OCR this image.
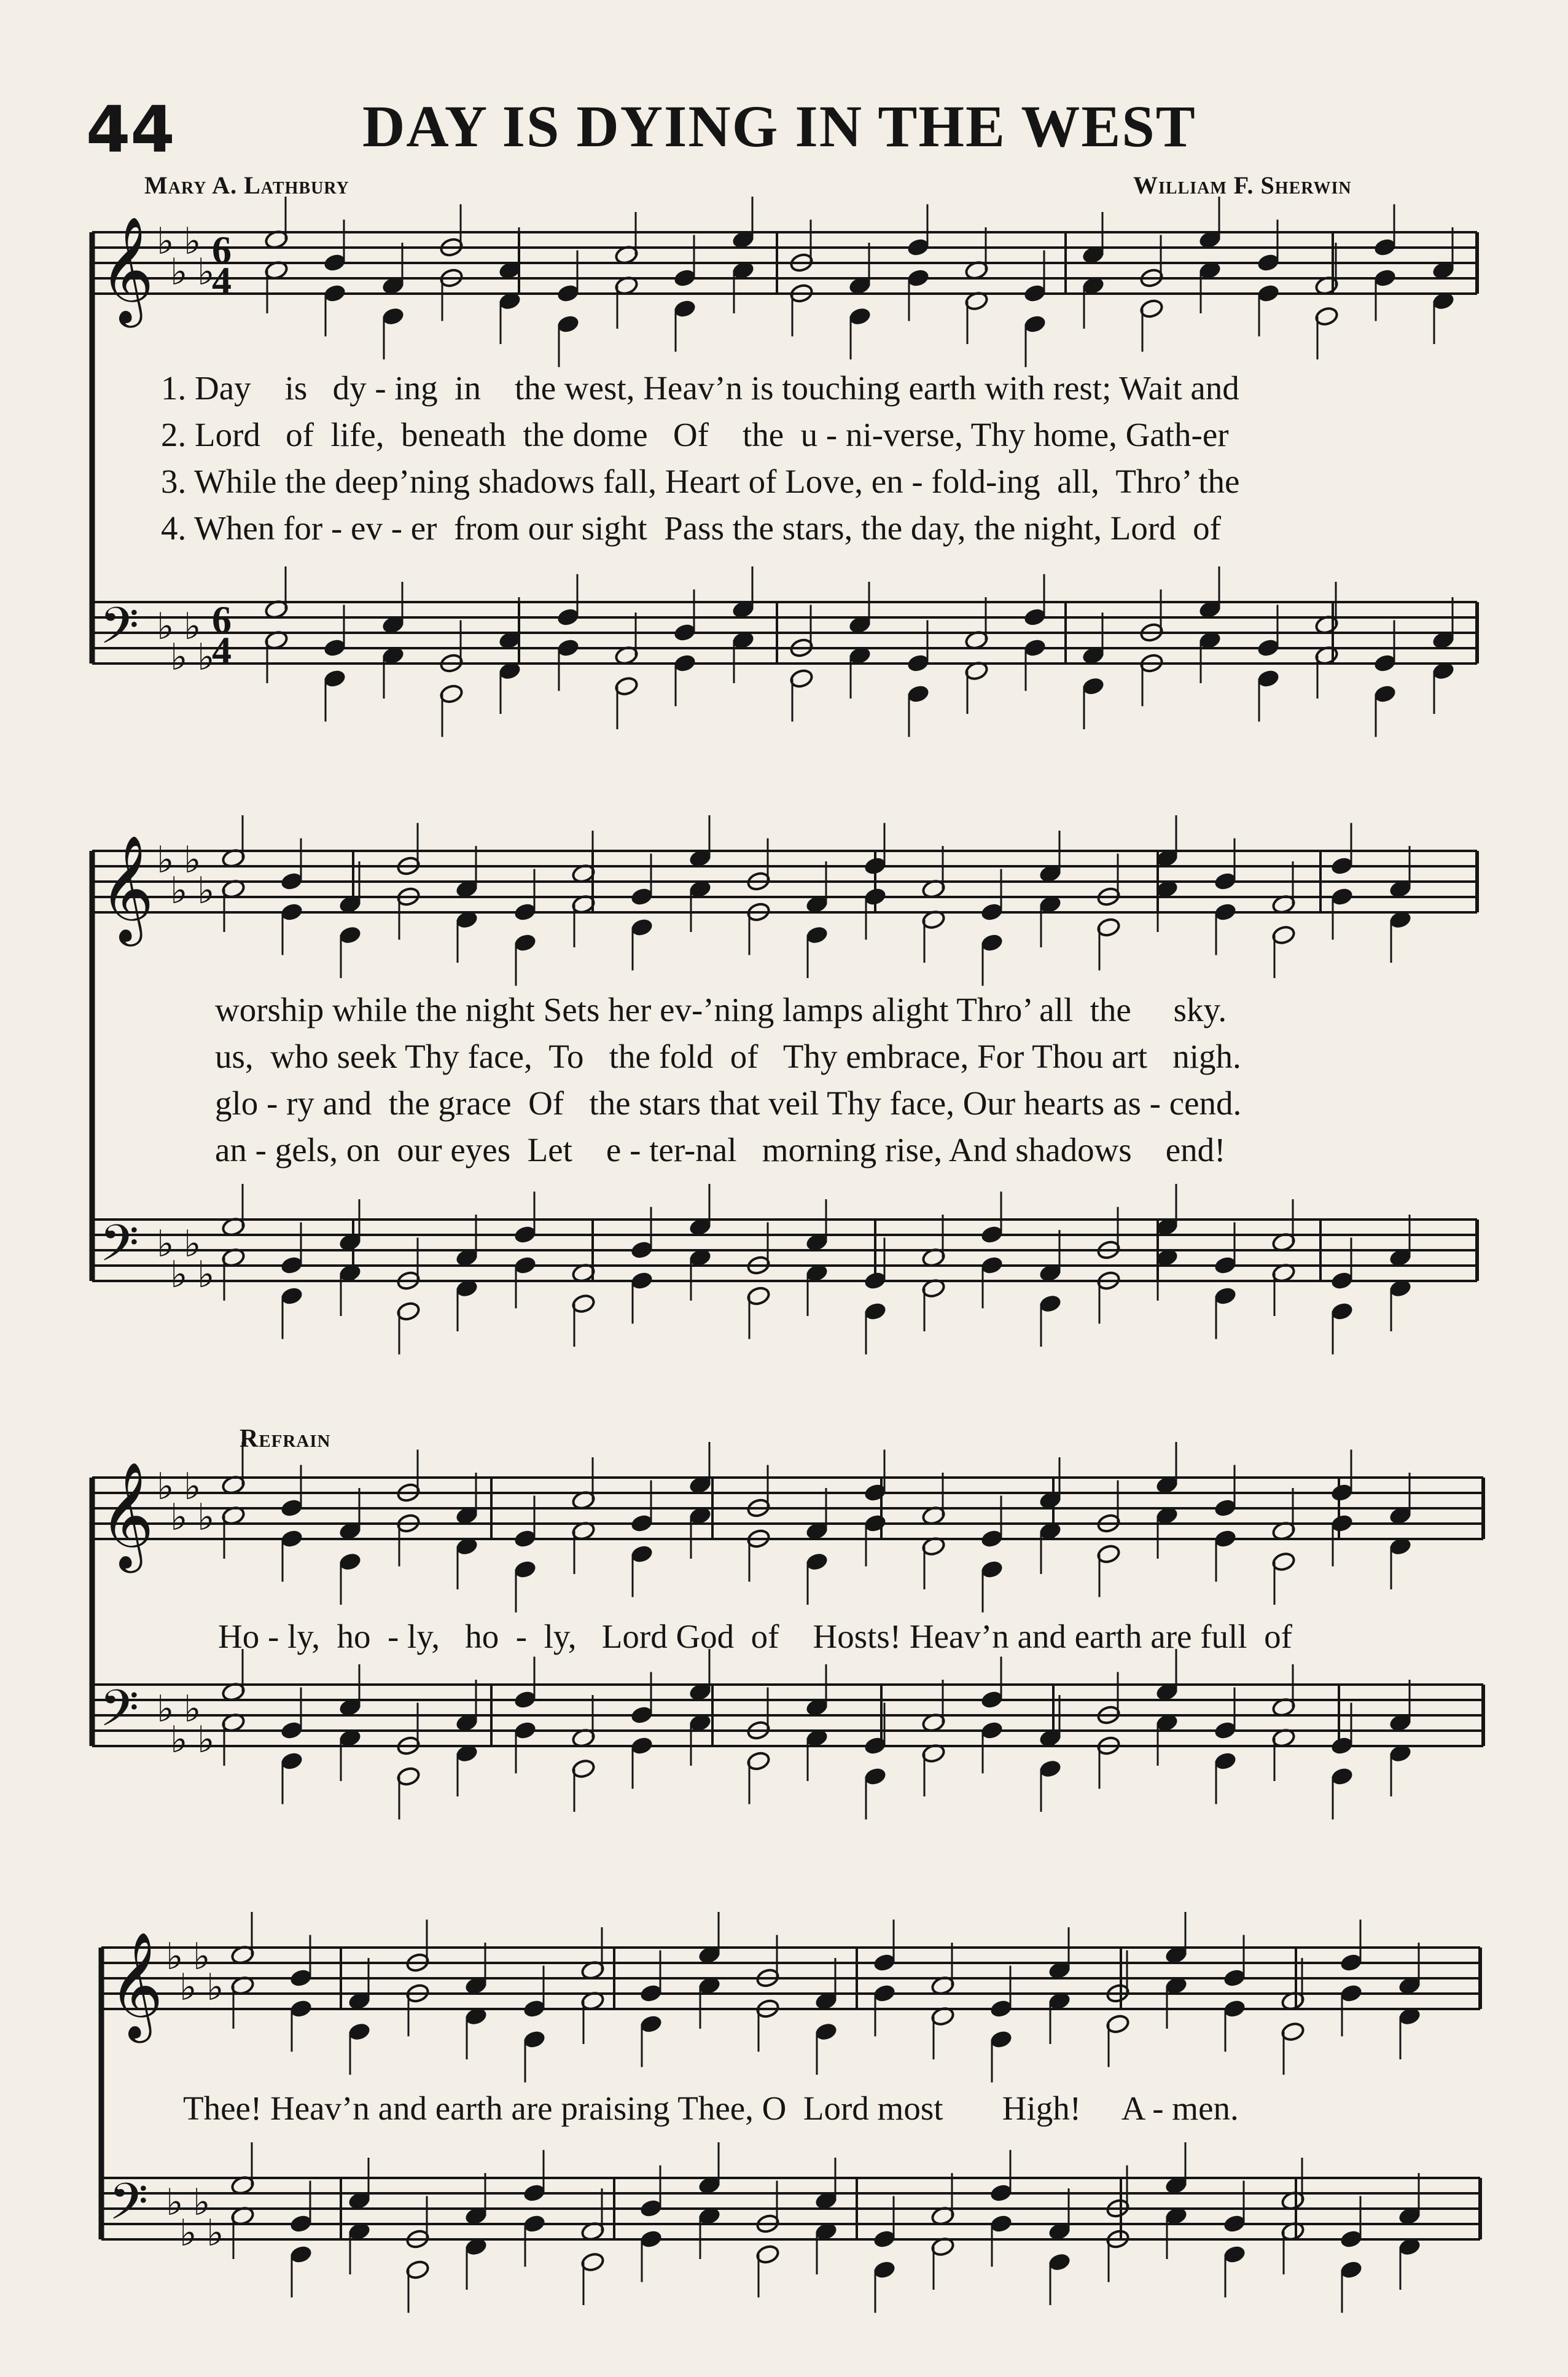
44	DAY IS DYING IN THE WEST
Mary A. Lathbury	William F. Sherwin
𝄞
𝄢
♭
♭
♭
♭
♭
♭
♭
♭
6
4
6
4
𝄞
𝄢
♭
♭
♭
♭
♭
♭
♭
♭
𝄞
𝄢
♭
♭
♭
♭
♭
♭
♭
♭
𝄞
𝄢
♭
♭
♭
♭
♭
♭
♭
♭
1. Day    is   dy - ing  in    the west, Heav’n is touching earth with rest; Wait and
2. Lord   of  life,  beneath  the dome   Of    the  u - ni-verse, Thy home, Gath-er
3. While the deep’ning shadows fall, Heart of Love, en - fold-ing  all,  Thro’ the
4. When for - ev - er  from our sight  Pass the stars, the day, the night, Lord  of
worship while the night Sets her ev-’ning lamps alight Thro’ all  the     sky.
us,  who seek Thy face,  To   the fold  of   Thy embrace, For Thou art   nigh.
glo - ry and  the grace  Of   the stars that veil Thy face, Our hearts as - cend.
an - gels, on  our eyes  Let    e - ter-nal   morning rise, And shadows    end!
Refrain
Ho - ly,  ho  - ly,   ho  -  ly,   Lord God  of    Hosts! Heav’n and earth are full  of
Thee! Heav’n and earth are praising Thee, O  Lord most       High!     A - men.
